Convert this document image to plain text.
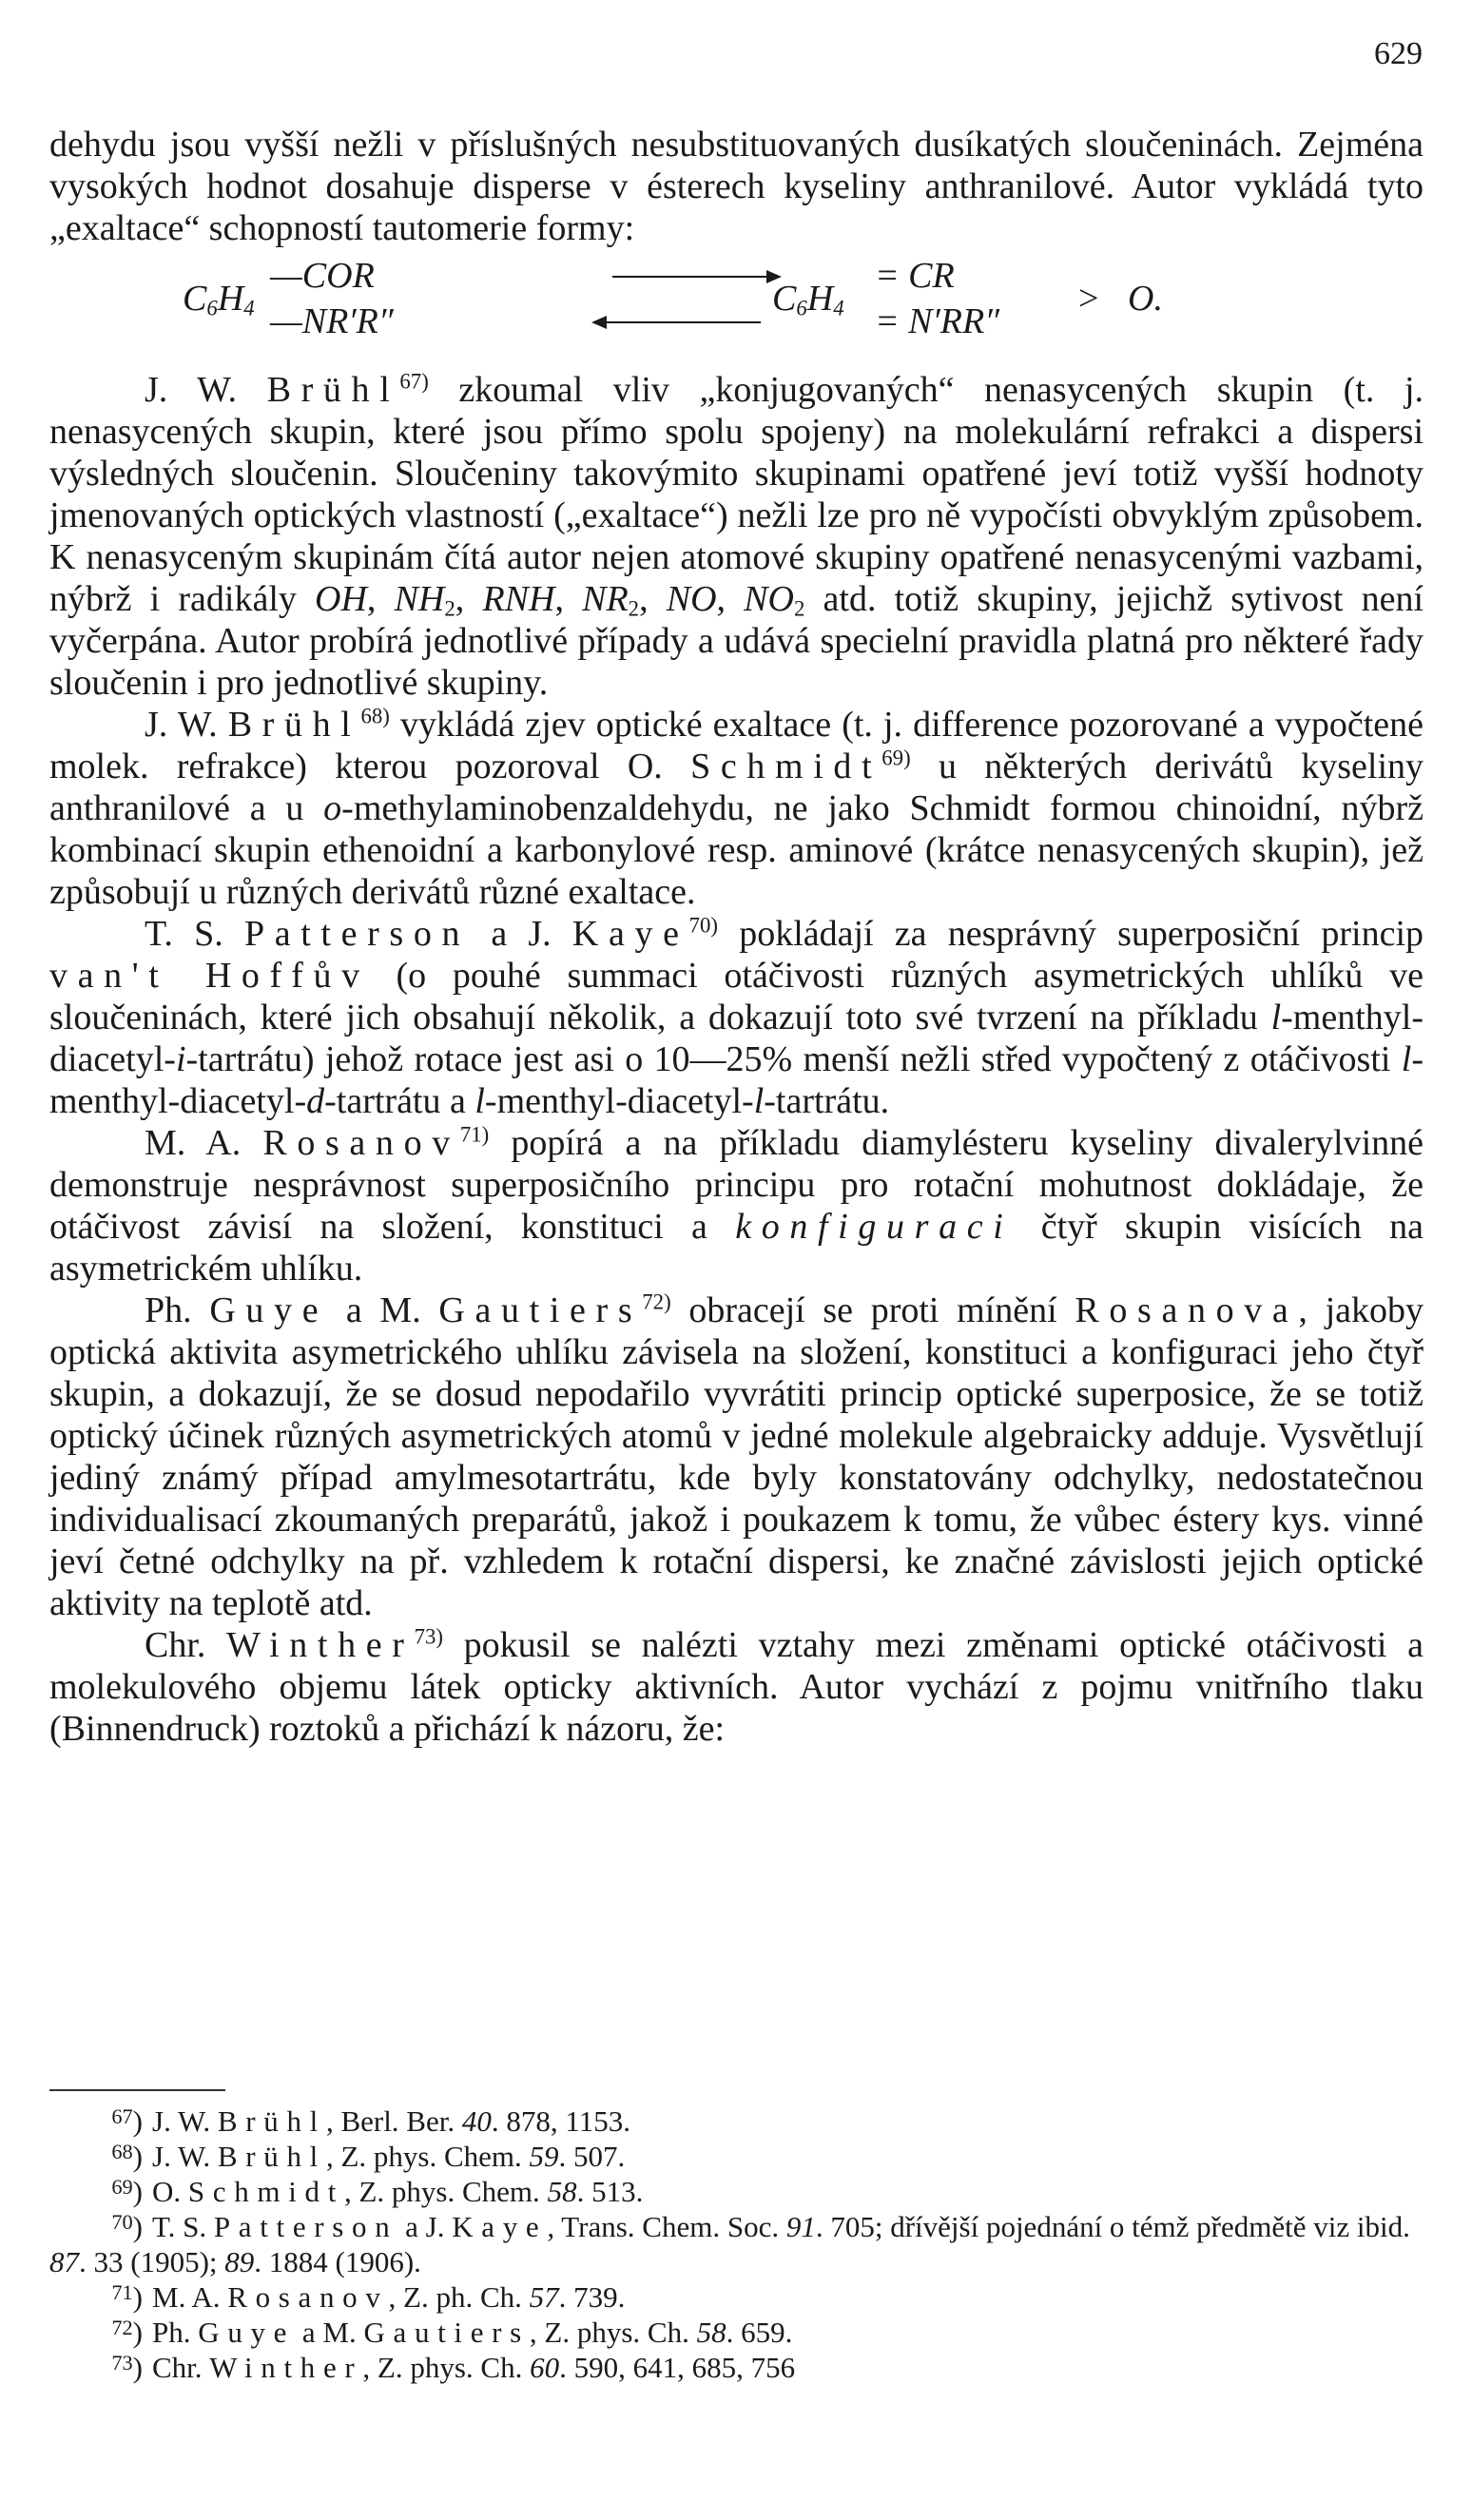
629

dehydu jsou vyšší nežli v příslušných nesubstituovaných dusíkatých sloučeninách. Zejména vysokých hodnot dosahuje disperse v ésterech kyseliny anthranilové. Autor vykládá tyto „exaltace“ schopností tautomerie formy:

$C_6H_4$
—COR
—NR′R″
$C_6H_4$
= CR
= N′RR″
> O.

J. W. Brühl$^{67)}$ zkoumal vliv „konjugovaných“ nenasycených skupin (t. j. nenasycených skupin, které jsou přímo spolu spojeny) na molekulární refrakci a dispersi výsledných sloučenin. Sloučeniny takovýmito skupinami opatřené jeví totiž vyšší hodnoty jmenovaných optických vlastností („exaltace“) nežli lze pro ně vypočísti obvyklým způsobem. K nenasyceným skupinám čítá autor nejen atomové skupiny opatřené nenasycenými vazbami, nýbrž i radikály OH, $NH_2$, RNH, $NR_2$, NO, $NO_2$ atd. totiž skupiny, jejichž sytivost není vyčerpána. Autor probírá jednotlivé případy a udává specielní pravidla platná pro některé řady sloučenin i pro jednotlivé skupiny.

J. W. Brühl$^{68)}$ vykládá zjev optické exaltace (t. j. difference pozorované a vypočtené molek. refrakce) kterou pozoroval O. Schmidt$^{69)}$ u některých derivátů kyseliny anthranilové a u o-methylaminobenzaldehydu, ne jako Schmidt formou chinoidní, nýbrž kombinací skupin ethenoidní a karbonylové resp. aminové (krátce nenasycených skupin), jež způsobují u různých derivátů různé exaltace.

T. S. Patterson a J. Kaye$^{70)}$ pokládají za nesprávný superposiční princip van't Hoffův (o pouhé summaci otáčivosti různých asymetrických uhlíků ve sloučeninách, které jich obsahují několik, a dokazují toto své tvrzení na příkladu l-menthyl-diacetyl-i-tartrátu) jehož rotace jest asi o 10—25% menší nežli střed vypočtený z otáčivosti l-menthyl-diacetyl-d-tartrátu a l-menthyl-diacetyl-l-tartrátu.

M. A. Rosanov$^{71)}$ popírá a na příkladu diamylésteru kyseliny divalerylvinné demonstruje nesprávnost superposičního principu pro rotační mohutnost dokládaje, že otáčivost závisí na složení, konstituci a konfiguraci čtyř skupin visících na asymetrickém uhlíku.

Ph. Guye a M. Gautiers$^{72)}$ obracejí se proti mínění Rosanova, jakoby optická aktivita asymetrického uhlíku závisela na složení, konstituci a konfiguraci jeho čtyř skupin, a dokazují, že se dosud nepodařilo vyvrátiti princip optické superposice, že se totiž optický účinek různých asymetrických atomů v jedné molekule algebraicky adduje. Vysvětlují jediný známý případ amylmesotartrátu, kde byly konstatovány odchylky, nedostatečnou individualisací zkoumaných preparátů, jakož i poukazem k tomu, že vůbec éstery kys. vinné jeví četné odchylky na př. vzhledem k rotační dispersi, ke značné závislosti jejich optické aktivity na teplotě atd.

Chr. Winther$^{73)}$ pokusil se nalézti vztahy mezi změnami optické otáčivosti a molekulového objemu látek opticky aktivních. Autor vychází z pojmu vnitřního tlaku (Binnendruck) roztoků a přichází k názoru, že:

$^{67}$) J. W. Brühl, Berl. Ber. 40. 878, 1153.

$^{68}$) J. W. Brühl, Z. phys. Chem. 59. 507.

$^{69}$) O. Schmidt, Z. phys. Chem. 58. 513.

$^{70}$) T. S. Patterson a J. Kaye, Trans. Chem. Soc. 91. 705; dřívější pojednání o témž předmětě viz ibid. 87. 33 (1905); 89. 1884 (1906).

$^{71}$) M. A. Rosanov, Z. ph. Ch. 57. 739.

$^{72}$) Ph. Guye a M. Gautiers, Z. phys. Ch. 58. 659.

$^{73}$) Chr. Winther, Z. phys. Ch. 60. 590, 641, 685, 756
